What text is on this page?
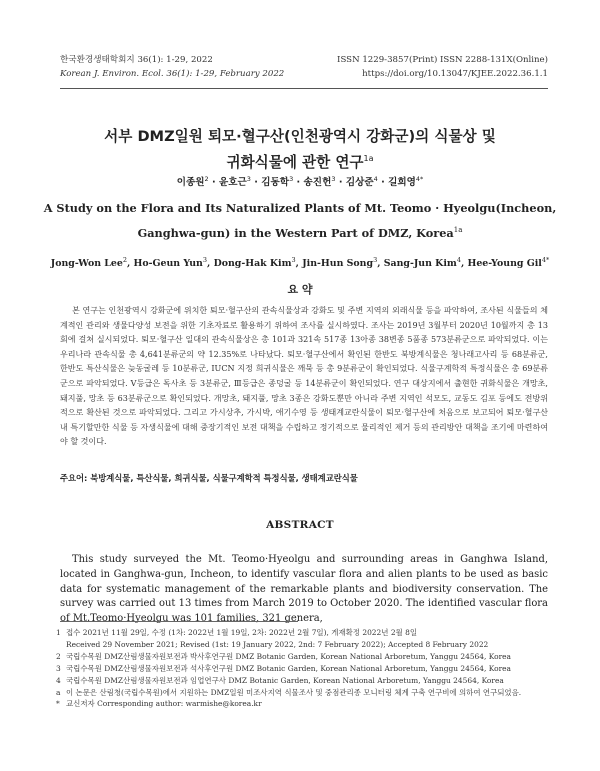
한국환경생태학회지 36(1): 1-29, 2022
Korean J. Environ. Ecol. 36(1): 1-29, February 2022
ISSN 1229-3857(Print) ISSN 2288-131X(Online)
https://doi.org/10.13047/KJEE.2022.36.1.1
서부 DMZ일원 퇴모·혈구산(인천광역시 강화군)의 식물상 및
귀화식물에 관한 연구$^{1a}$
이종원$^2$ · 윤호근$^3$ · 김동학$^3$ · 송진헌$^3$ · 김상준$^4$ · 길희영$^{4*}$
A Study on the Flora and Its Naturalized Plants of Mt. Teomo · Hyeolgu(Incheon,
Ganghwa-gun) in the Western Part of DMZ, Korea$^{1a}$
Jong-Won Lee$^2$, Ho-Geun Yun$^3$, Dong-Hak Kim$^3$, Jin-Hun Song$^3$, Sang-Jun Kim$^4$, Hee-Young Gil$^{4*}$
요 약

본 연구는 인천광역시 강화군에 위치한 퇴모·혈구산의 관속식물상과 강화도 및 주변 지역의 외래식물 등을 파악하여, 조사된 식물들의 체계적인 관리와 생물다양성 보전을 위한 기초자료로 활용하기 위하여 조사를 실시하였다. 조사는 2019년 3월부터 2020년 10월까지 총 13회에 걸쳐 실시되었다. 퇴모·혈구산 일대의 관속식물상은 총 101과 321속 517종 13아종 38변종 5품종 573분류군으로 파악되었다. 이는 우리나라 관속식물 총 4,641분류군의 약 12.35%로 나타났다. 퇴모·혈구산에서 확인된 한반도 북방계식물은 청나래고사리 등 68분류군, 한반도 특산식물은 늦동굴레 등 10분류군, IUCN 지정 희귀식물은 깨묵 등 총 9분류군이 확인되었다. 식물구계학적 특정식물은 총 69분류군으로 파악되었다. Ⅴ등급은 독사초 등 3분류군, Ⅲ등급은 종덩굴 등 14분류군이 확인되었다. 연구 대상지에서 출현한 귀화식물은 개망초, 돼지풀, 망초 등 63분류군으로 확인되었다. 개망초, 돼지풀, 망초 3종은 강화도뿐만 아니라 주변 지역인 석모도, 교동도 김포 등에도 전방위적으로 확산된 것으로 파악되었다. 그리고 가시상추, 가시박, 애기수영 등 생태계교란식물이 퇴모·혈구산에 처음으로 보고되어 퇴모·혈구산 내 특기할만한 식물 등 자생식물에 대해 중장기적인 보전 대책을 수립하고 정기적으로 물리적인 제거 등의 관리방안 대책을 조기에 마련하여야 할 것이다.

주요어: 북방계식물, 특산식물, 희귀식물, 식물구계학적 특정식물, 생태계교란식물
ABSTRACT

This study surveyed the Mt. Teomo·Hyeolgu and surrounding areas in Ganghwa Island, located in Ganghwa-gun, Incheon, to identify vascular flora and alien plants to be used as basic data for systematic management of the remarkable plants and biodiversity conservation. The survey was carried out 13 times from March 2019 to October 2020. The identified vascular flora of Mt.Teomo·Hyeolgu was 101 families, 321 genera,

1 접수 2021년 11월 29일, 수정 (1차: 2022년 1월 19일, 2차: 2022년 2월 7일), 게재확정 2022년 2월 8일
Received 29 November 2021; Revised (1st: 19 January 2022, 2nd: 7 February 2022); Accepted 8 February 2022
2 국립수목원 DMZ산림생물자원보전과 박사후연구원 DMZ Botanic Garden, Korean National Arboretum, Yanggu 24564, Korea
3 국립수목원 DMZ산림생물자원보전과 석사후연구원 DMZ Botanic Garden, Korean National Arboretum, Yanggu 24564, Korea
4 국립수목원 DMZ산림생물자원보전과 임업연구사 DMZ Botanic Garden, Korean National Arboretum, Yanggu 24564, Korea
a 이 논문은 산림청(국립수목원)에서 지원하는 DMZ일원 미조사지역 식물조사 및 중점관리종 모니터링 체계 구축 연구비에 의하여 연구되었음.
* 교신저자 Corresponding author: warmishe@korea.kr
